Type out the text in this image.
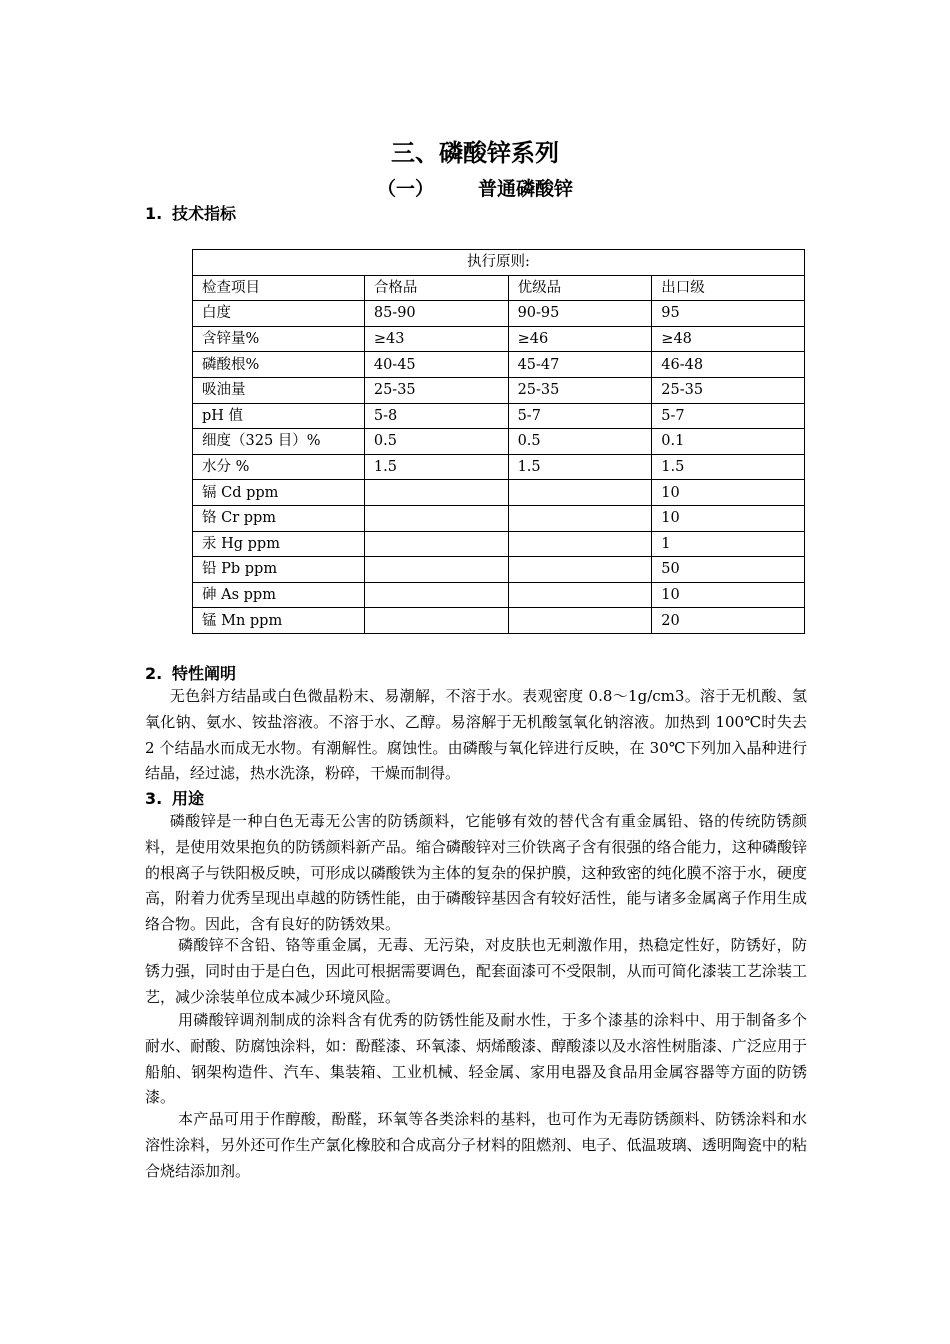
三、磷酸锌系列
（一） 普通磷酸锌
1. 技术指标
执行原则:			
检查项目	合格品	优级品	出口级
白度	85-90	90-95	95
含锌量%	≥43	≥46	≥48
磷酸根%	40-45	45-47	46-48
吸油量	25-35	25-35	25-35
pH 值	5-8	5-7	5-7
细度（325 目）%	0.5	0.5	0.1
水分 %	1.5	1.5	1.5
镉 Cd ppm			10
铬 Cr ppm			10
汞 Hg ppm			1
铅 Pb ppm			50
砷 As ppm			10
锰 Mn ppm			20
2. 特性阐明

无色斜方结晶或白色微晶粉末、易潮解，不溶于水。表观密度 0.8～1g/cm3。溶于无机酸、氢氧化钠、氨水、铵盐溶液。不溶于水、乙醇。易溶解于无机酸氢氧化钠溶液。加热到 100℃时失去 2 个结晶水而成无水物。有潮解性。腐蚀性。由磷酸与氧化锌进行反映，在 30℃下列加入晶种进行结晶，经过滤，热水洗涤，粉碎，干燥而制得。

3. 用途

磷酸锌是一种白色无毒无公害的防锈颜料，它能够有效的替代含有重金属铅、铬的传统防锈颜料，是使用效果抱负的防锈颜料新产品。缩合磷酸锌对三价铁离子含有很强的络合能力，这种磷酸锌的根离子与铁阳极反映，可形成以磷酸铁为主体的复杂的保护膜，这种致密的纯化膜不溶于水，硬度高，附着力优秀呈现出卓越的防锈性能，由于磷酸锌基因含有较好活性，能与诸多金属离子作用生成络合物。因此，含有良好的防锈效果。

磷酸锌不含铅、铬等重金属，无毒、无污染，对皮肤也无刺激作用，热稳定性好，防锈好，防锈力强，同时由于是白色，因此可根据需要调色，配套面漆可不受限制，从而可简化漆装工艺涂装工艺，减少涂装单位成本减少环境风险。

用磷酸锌调剂制成的涂料含有优秀的防锈性能及耐水性，于多个漆基的涂料中、用于制备多个耐水、耐酸、防腐蚀涂料，如：酚醛漆、环氧漆、炳烯酸漆、醇酸漆以及水溶性树脂漆、广泛应用于船舶、钢架构造件、汽车、集装箱、工业机械、轻金属、家用电器及食品用金属容器等方面的防锈漆。

本产品可用于作醇酸，酚醛，环氧等各类涂料的基料，也可作为无毒防锈颜料、防锈涂料和水溶性涂料，另外还可作生产氯化橡胶和合成高分子材料的阻燃剂、电子、低温玻璃、透明陶瓷中的粘合烧结添加剂。
